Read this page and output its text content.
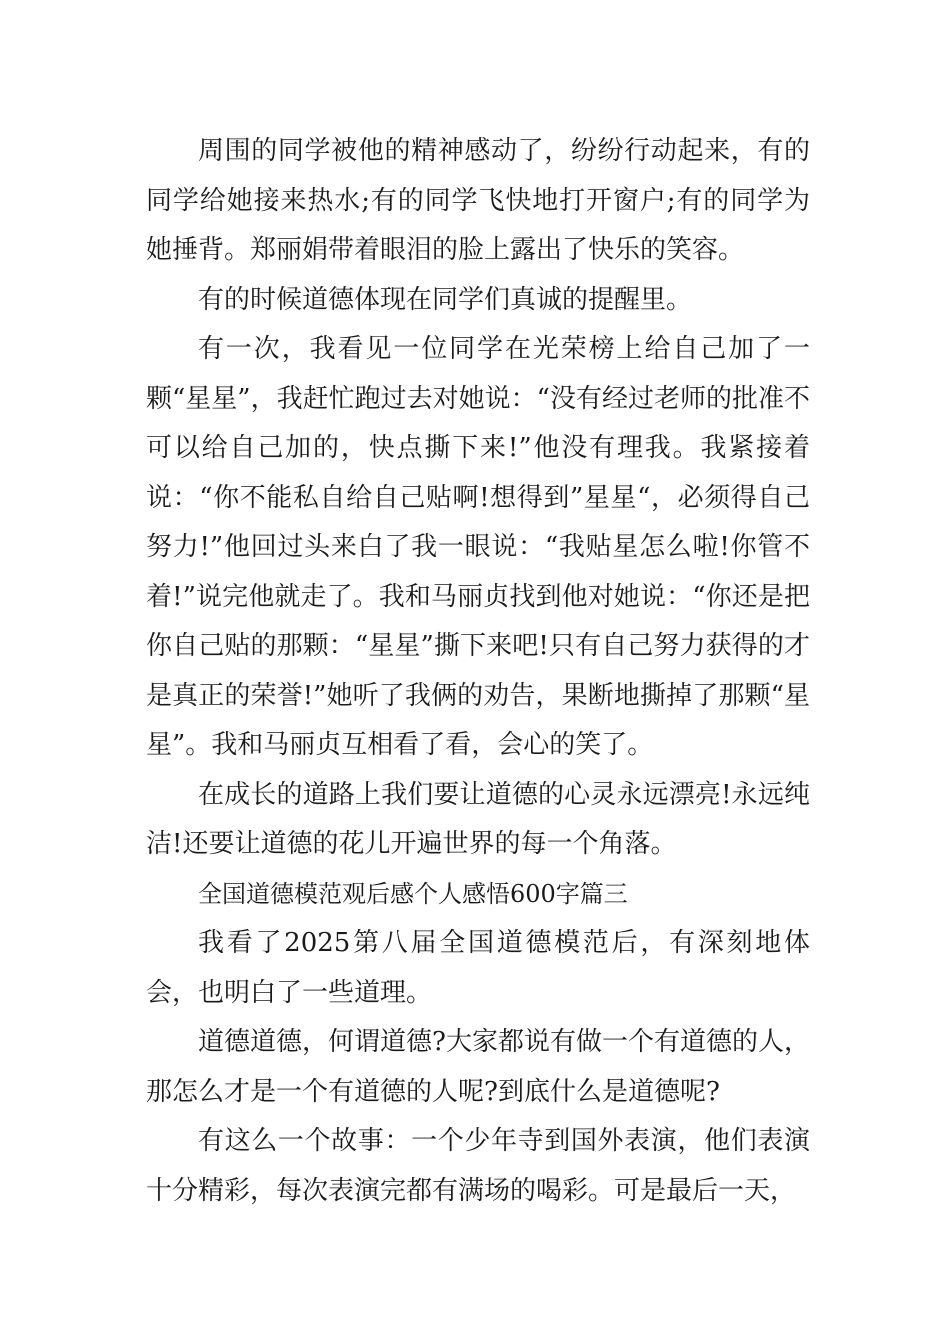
周围的同学被他的精神感动了，纷纷行动起来，有的同学给她接来热水;有的同学飞快地打开窗户;有的同学为她捶背。郑丽娟带着眼泪的脸上露出了快乐的笑容。

有的时候道德体现在同学们真诚的提醒里。

有一次，我看见一位同学在光荣榜上给自己加了一颗“星星”，我赶忙跑过去对她说：“没有经过老师的批准不可以给自己加的，快点撕下来!”他没有理我。我紧接着说：“你不能私自给自己贴啊!想得到”星星“，必须得自己努力!”他回过头来白了我一眼说：“我贴星怎么啦!你管不着!”说完他就走了。我和马丽贞找到他对她说：“你还是把你自己贴的那颗：“星星”撕下来吧!只有自己努力获得的才是真正的荣誉!”她听了我俩的劝告，果断地撕掉了那颗“星星”。我和马丽贞互相看了看，会心的笑了。

在成长的道路上我们要让道德的心灵永远漂亮!永远纯洁!还要让道德的花儿开遍世界的每一个角落。

全国道德模范观后感个人感悟600字篇三

我看了2025第八届全国道德模范后，有深刻地体会，也明白了一些道理。

道德道德，何谓道德?大家都说有做一个有道德的人，那怎么才是一个有道德的人呢?到底什么是道德呢?

有这么一个故事：一个少年寺到国外表演，他们表演十分精彩，每次表演完都有满场的喝彩。可是最后一天，
